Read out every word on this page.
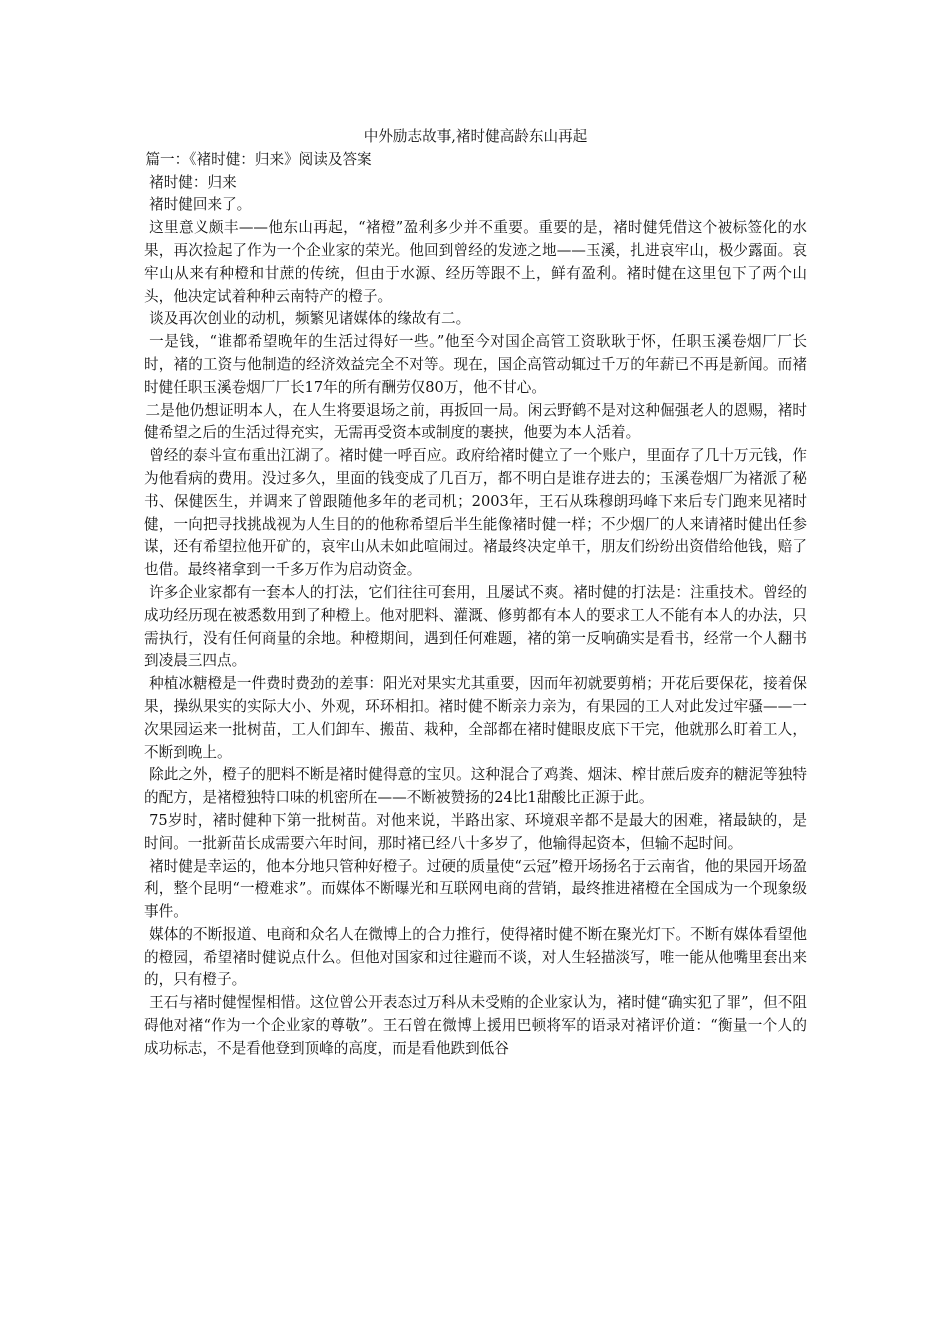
中外励志故事,褚时健高龄东山再起

篇一：《褚时健：归来》阅读及答案

褚时健：归来

褚时健回来了。

这里意义颇丰——他东山再起，“褚橙”盈利多少并不重要。重要的是，褚时健凭借这个被标签化的水果，再次捡起了作为一个企业家的荣光。他回到曾经的发迹之地——玉溪，扎进哀牢山，极少露面。哀牢山从来有种橙和甘蔗的传统，但由于水源、经历等跟不上，鲜有盈利。褚时健在这里包下了两个山头，他决定试着种种云南特产的橙子。

谈及再次创业的动机，频繁见诸媒体的缘故有二。

一是钱，“谁都希望晚年的生活过得好一些。”他至今对国企高管工资耿耿于怀，任职玉溪卷烟厂厂长时，褚的工资与他制造的经济效益完全不对等。现在，国企高管动辄过千万的年薪已不再是新闻。而褚时健任职玉溪卷烟厂厂长17年的所有酬劳仅80万，他不甘心。

二是他仍想证明本人，在人生将要退场之前，再扳回一局。闲云野鹤不是对这种倔强老人的恩赐，褚时健希望之后的生活过得充实，无需再受资本或制度的裹挟，他要为本人活着。

曾经的泰斗宣布重出江湖了。褚时健一呼百应。政府给褚时健立了一个账户，里面存了几十万元钱，作为他看病的费用。没过多久，里面的钱变成了几百万，都不明白是谁存进去的；玉溪卷烟厂为褚派了秘书、保健医生，并调来了曾跟随他多年的老司机；2003年，王石从珠穆朗玛峰下来后专门跑来见褚时健，一向把寻找挑战视为人生目的的他称希望后半生能像褚时健一样；不少烟厂的人来请褚时健出任参谋，还有希望拉他开矿的，哀牢山从未如此喧闹过。褚最终决定单干，朋友们纷纷出资借给他钱，赔了也借。最终褚拿到一千多万作为启动资金。

许多企业家都有一套本人的打法，它们往往可套用，且屡试不爽。褚时健的打法是：注重技术。曾经的成功经历现在被悉数用到了种橙上。他对肥料、灌溉、修剪都有本人的要求工人不能有本人的办法，只需执行，没有任何商量的余地。种橙期间，遇到任何难题，褚的第一反响确实是看书，经常一个人翻书到凌晨三四点。

种植冰糖橙是一件费时费劲的差事：阳光对果实尤其重要，因而年初就要剪梢；开花后要保花，接着保果，操纵果实的实际大小、外观，环环相扣。褚时健不断亲力亲为，有果园的工人对此发过牢骚——一次果园运来一批树苗，工人们卸车、搬苗、栽种，全部都在褚时健眼皮底下干完，他就那么盯着工人，不断到晚上。

除此之外，橙子的肥料不断是褚时健得意的宝贝。这种混合了鸡粪、烟沫、榨甘蔗后废弃的糖泥等独特的配方，是褚橙独特口味的机密所在——不断被赞扬的24比1甜酸比正源于此。

75岁时，褚时健种下第一批树苗。对他来说，半路出家、环境艰辛都不是最大的困难，褚最缺的，是时间。一批新苗长成需要六年时间，那时褚已经八十多岁了，他输得起资本，但输不起时间。

褚时健是幸运的，他本分地只管种好橙子。过硬的质量使“云冠”橙开场扬名于云南省，他的果园开场盈利，整个昆明“一橙难求”。而媒体不断曝光和互联网电商的营销，最终推进褚橙在全国成为一个现象级事件。

媒体的不断报道、电商和众名人在微博上的合力推行，使得褚时健不断在聚光灯下。不断有媒体看望他的橙园，希望褚时健说点什么。但他对国家和过往避而不谈，对人生轻描淡写，唯一能从他嘴里套出来的，只有橙子。

王石与褚时健惺惺相惜。这位曾公开表态过万科从未受贿的企业家认为，褚时健“确实犯了罪”，但不阻碍他对褚“作为一个企业家的尊敬”。王石曾在微博上援用巴顿将军的语录对褚评价道：“衡量一个人的成功标志，不是看他登到顶峰的高度，而是看他跌到低谷
